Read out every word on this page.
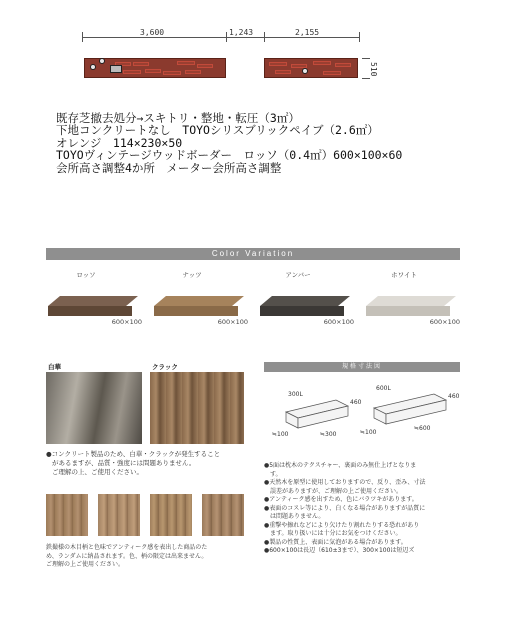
3,600	1,243	2,155
510
既存芝撤去処分→スキトリ・整地・転圧（3㎡）
下地コンクリートなし　TOYOシリスブリックペイブ（2.6㎡）
オレンジ　114×230×50
TOYOヴィンテージウッドボーダー　ロッソ（0.4㎡）600×100×60
会所高さ調整4か所　メーター会所高さ調整
Color Variation
ロッソ
600×100
ナッツ
600×100
アンバー
600×100
ホワイト
600×100
白華	クラック
●コンクリート製品のため、白華・クラックが発生すること
があるますが、品質・強度には問題ありません。
ご理解の上、ご使用ください。
鉄撮様の木目柄と色味でアンティーク感を表出した商品のた
め、ランダムに納品されます。色、柄の限定は出来ません。
ご理解の上ご使用ください。
規格寸法図
300L
600L
460
460
≒100	≒300	≒100
≒600
●5面は枕木のテクスチャー、裏面のみ無仕上げとなりま
す。
●天然木を原型に使用しておりますので、反り、歪み、寸法
誤差がありますが、ご理解の上ご使用ください。
●アンティーク感を出すため、色にバラツキがあります。
●表面のコスレ等により、白くなる場合がありますが品質に
は問題ありません。
●重撃や擦れなどにより欠けたり割れたりする恐れがあり
ます。取り扱いには十分にお気をつけください。
●製品の性質上、表面に気泡がある場合があります。
●600×100は長辺（610±3まで）、300×100は短辺ズ
